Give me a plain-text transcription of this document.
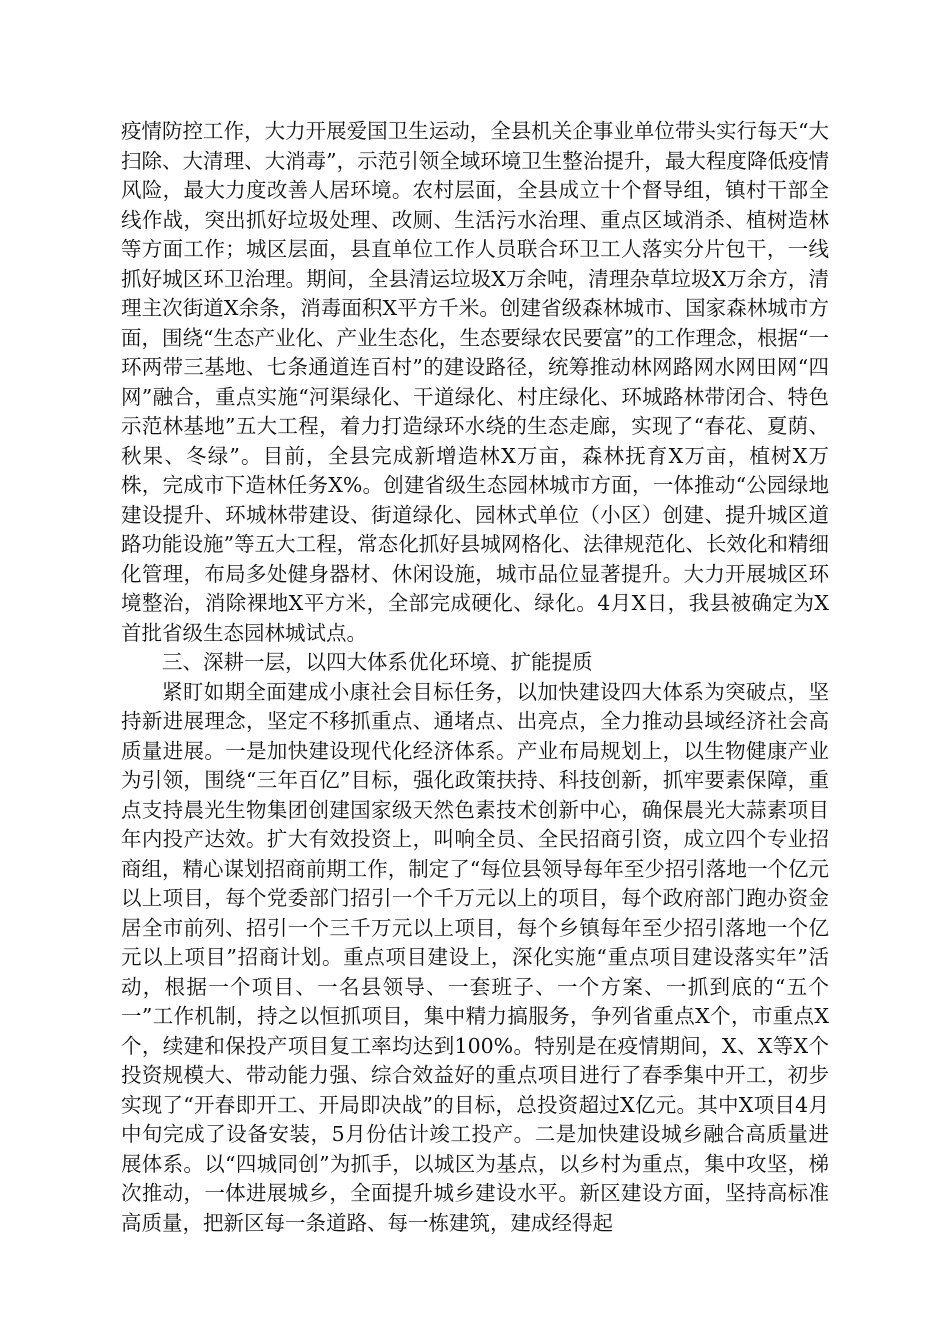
疫情防控工作，大力开展爱国卫生运动，全县机关企事业单位带头实行每天“大扫除、大清理、大消毒”，示范引领全域环境卫生整治提升，最大程度降低疫情风险，最大力度改善人居环境。农村层面，全县成立十个督导组，镇村干部全线作战，突出抓好垃圾处理、改厕、生活污水治理、重点区域消杀、植树造林等方面工作；城区层面，县直单位工作人员联合环卫工人落实分片包干，一线抓好城区环卫治理。期间，全县清运垃圾X万余吨，清理杂草垃圾X万余方，清理主次街道X余条，消毒面积X平方千米。创建省级森林城市、国家森林城市方面，围绕“生态产业化、产业生态化，生态要绿农民要富”的工作理念，根据“一环两带三基地、七条通道连百村”的建设路径，统筹推动林网路网水网田网“四网”融合，重点实施“河渠绿化、干道绿化、村庄绿化、环城路林带闭合、特色示范林基地”五大工程，着力打造绿环水绕的生态走廊，实现了“春花、夏荫、秋果、冬绿”。目前，全县完成新增造林X万亩，森林抚育X万亩，植树X万株，完成市下造林任务X%。创建省级生态园林城市方面，一体推动“公园绿地建设提升、环城林带建设、街道绿化、园林式单位（小区）创建、提升城区道路功能设施”等五大工程，常态化抓好县城网格化、法律规范化、长效化和精细化管理，布局多处健身器材、休闲设施，城市品位显著提升。大力开展城区环境整治，消除裸地X平方米，全部完成硬化、绿化。4月X日，我县被确定为X首批省级生态园林城试点。

三、深耕一层，以四大体系优化环境、扩能提质

紧盯如期全面建成小康社会目标任务，以加快建设四大体系为突破点，坚持新进展理念，坚定不移抓重点、通堵点、出亮点，全力推动县域经济社会高质量进展。一是加快建设现代化经济体系。产业布局规划上，以生物健康产业为引领，围绕“三年百亿”目标，强化政策扶持、科技创新，抓牢要素保障，重点支持晨光生物集团创建国家级天然色素技术创新中心，确保晨光大蒜素项目年内投产达效。扩大有效投资上，叫响全员、全民招商引资，成立四个专业招商组，精心谋划招商前期工作，制定了“每位县领导每年至少招引落地一个亿元以上项目，每个党委部门招引一个千万元以上的项目，每个政府部门跑办资金居全市前列、招引一个三千万元以上项目，每个乡镇每年至少招引落地一个亿元以上项目”招商计划。重点项目建设上，深化实施“重点项目建设落实年”活动，根据一个项目、一名县领导、一套班子、一个方案、一抓到底的“五个一”工作机制，持之以恒抓项目，集中精力搞服务，争列省重点X个，市重点X个，续建和保投产项目复工率均达到100%。特别是在疫情期间，X、X等X个投资规模大、带动能力强、综合效益好的重点项目进行了春季集中开工，初步实现了“开春即开工、开局即决战”的目标，总投资超过X亿元。其中X项目4月中旬完成了设备安装，5月份估计竣工投产。二是加快建设城乡融合高质量进展体系。以“四城同创”为抓手，以城区为基点，以乡村为重点，集中攻坚，梯次推动，一体进展城乡，全面提升城乡建设水平。新区建设方面，坚持高标准高质量，把新区每一条道路、每一栋建筑，建成经得起
